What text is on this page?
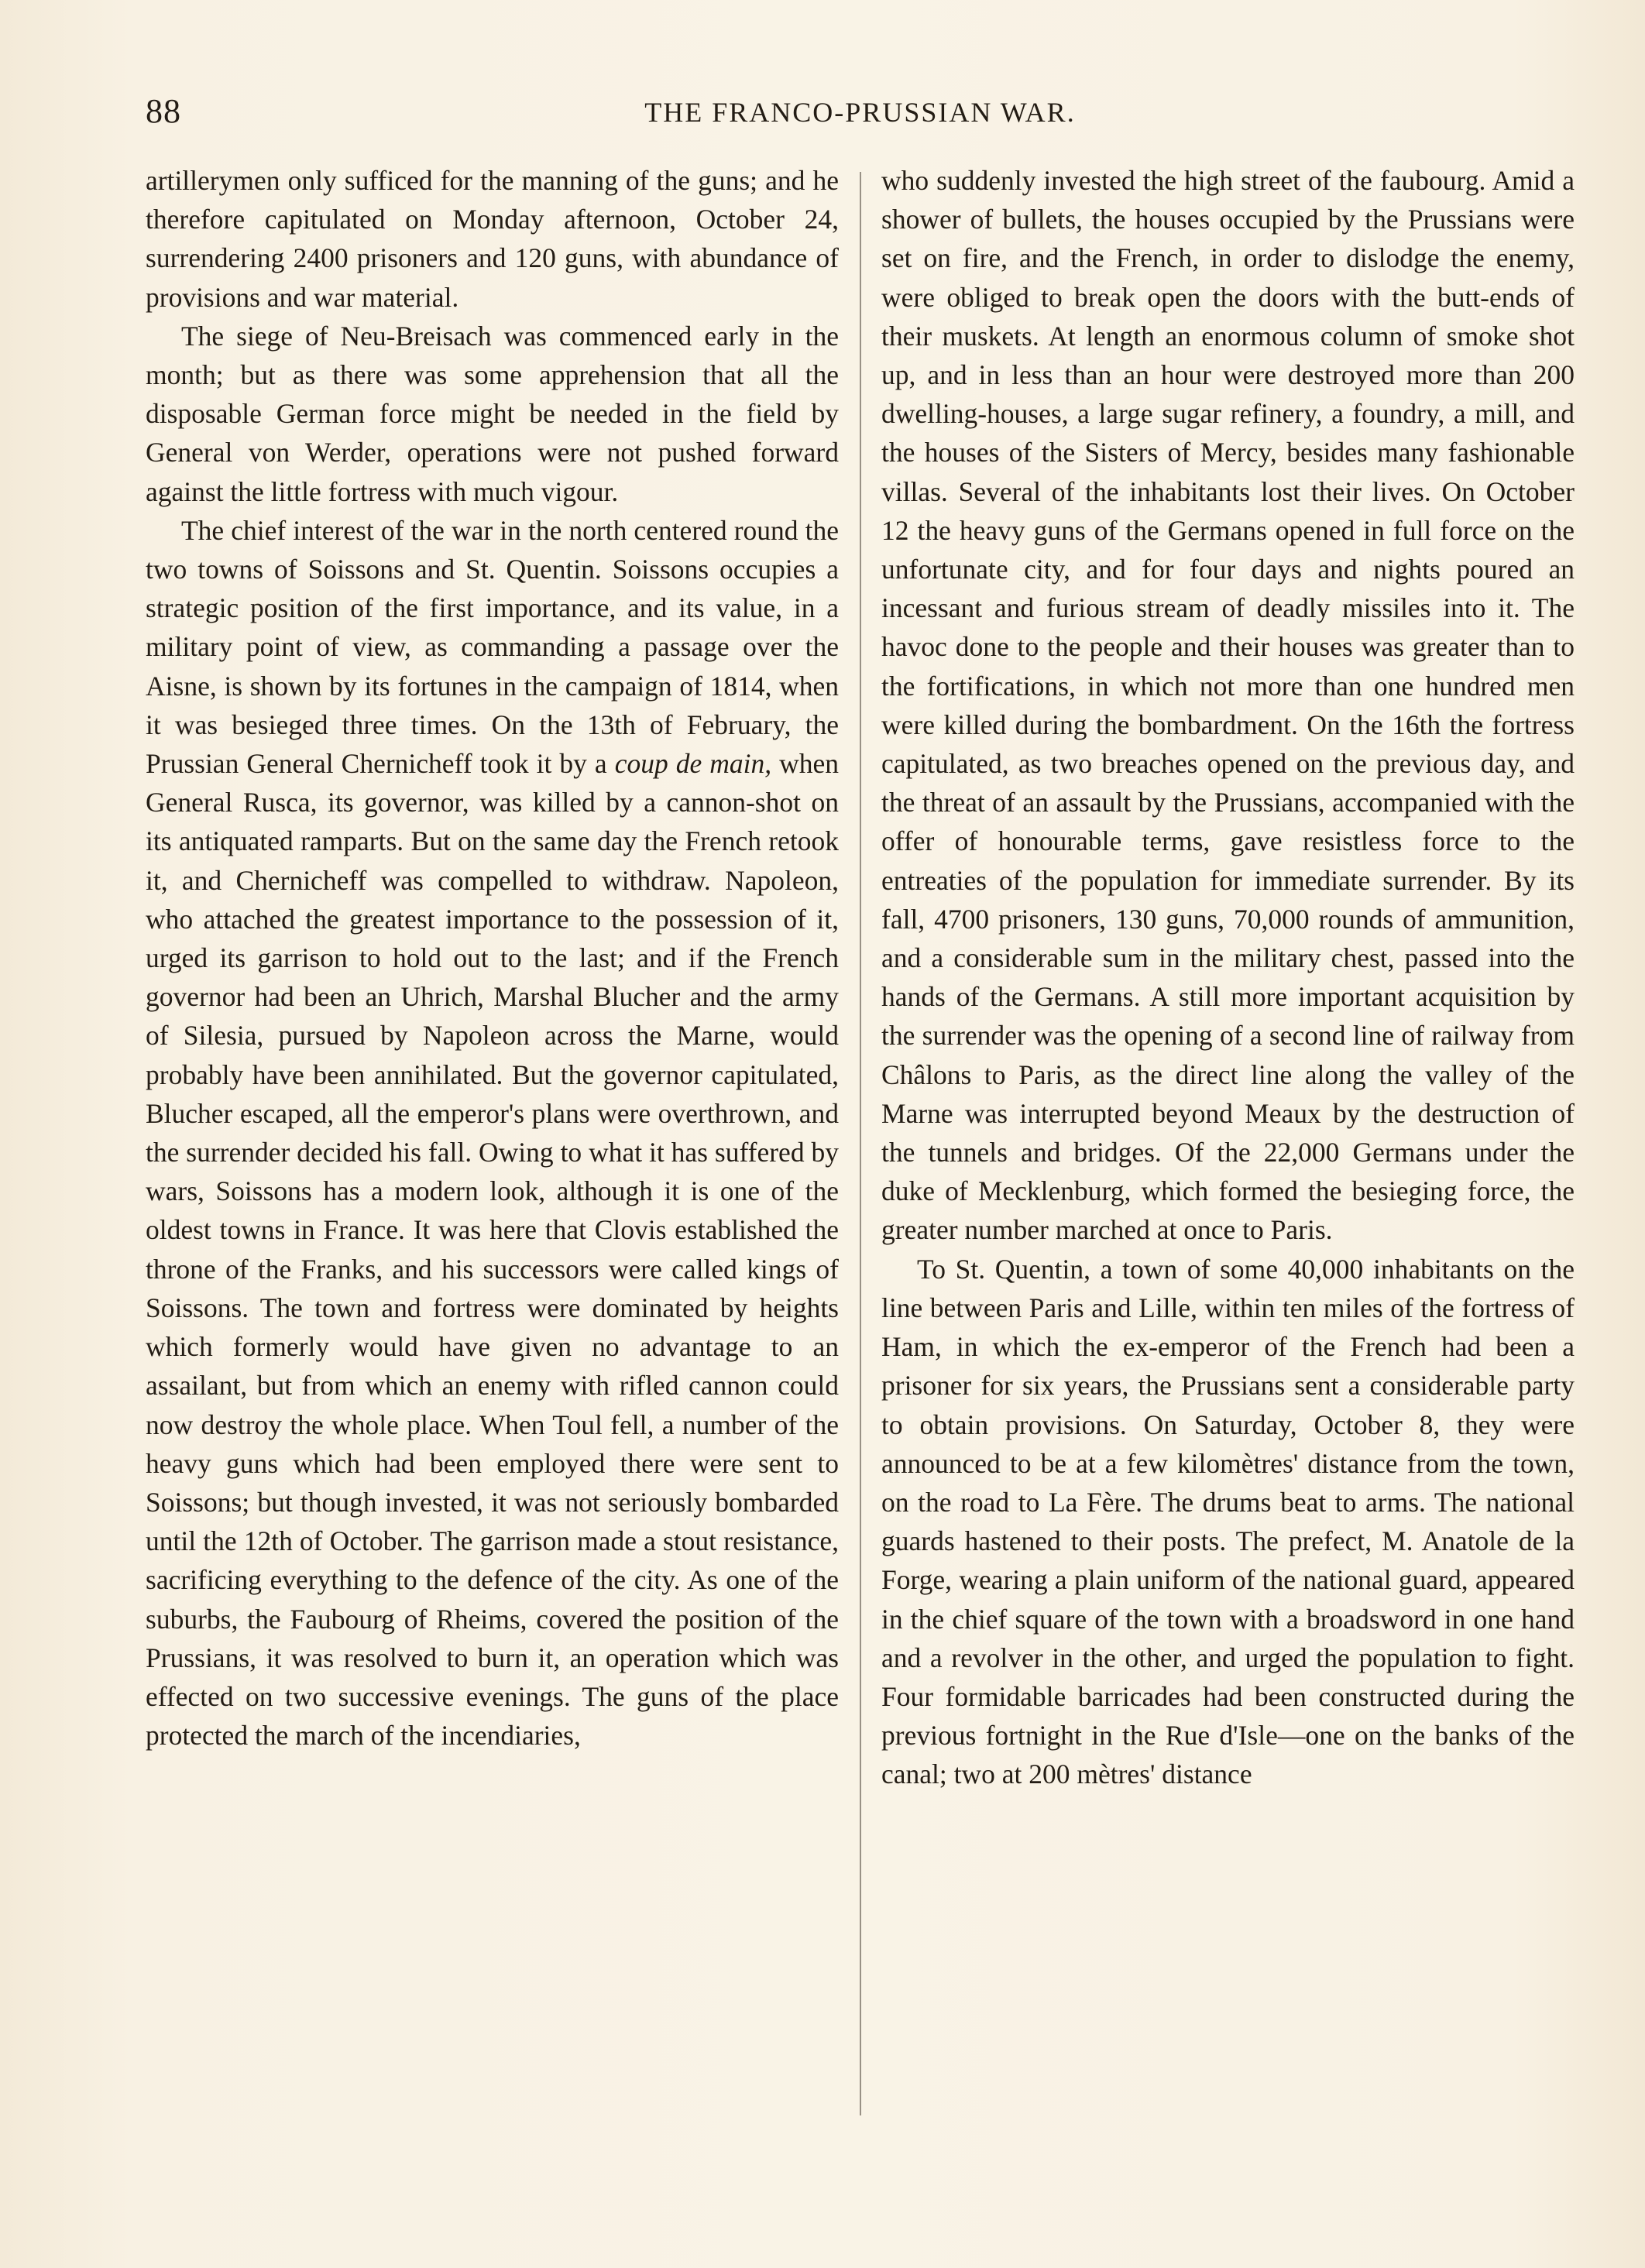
88	THE FRANCO-PRUSSIAN WAR.

artillerymen only sufficed for the manning of the guns; and he therefore capitulated on Monday afternoon, October 24, surrendering 2400 prisoners and 120 guns, with abundance of provisions and war material.

The siege of Neu-Breisach was commenced early in the month; but as there was some apprehension that all the disposable German force might be needed in the field by General von Werder, operations were not pushed forward against the little fortress with much vigour.

The chief interest of the war in the north centered round the two towns of Soissons and St. Quentin. Soissons occupies a strategic position of the first importance, and its value, in a military point of view, as commanding a passage over the Aisne, is shown by its fortunes in the campaign of 1814, when it was besieged three times. On the 13th of February, the Prussian General Chernicheff took it by a coup de main, when General Rusca, its governor, was killed by a cannon-shot on its antiquated ramparts. But on the same day the French retook it, and Chernicheff was compelled to withdraw. Napoleon, who attached the greatest importance to the possession of it, urged its garrison to hold out to the last; and if the French governor had been an Uhrich, Marshal Blucher and the army of Silesia, pursued by Napoleon across the Marne, would probably have been annihilated. But the governor capitulated, Blucher escaped, all the emperor's plans were overthrown, and the surrender decided his fall. Owing to what it has suffered by wars, Soissons has a modern look, although it is one of the oldest towns in France. It was here that Clovis established the throne of the Franks, and his successors were called kings of Soissons. The town and fortress were dominated by heights which formerly would have given no advantage to an assailant, but from which an enemy with rifled cannon could now destroy the whole place. When Toul fell, a number of the heavy guns which had been employed there were sent to Soissons; but though invested, it was not seriously bombarded until the 12th of October. The garrison made a stout resistance, sacrificing everything to the defence of the city. As one of the suburbs, the Faubourg of Rheims, covered the position of the Prussians, it was resolved to burn it, an operation which was effected on two successive evenings. The guns of the place protected the march of the incendiaries,

who suddenly invested the high street of the faubourg. Amid a shower of bullets, the houses occupied by the Prussians were set on fire, and the French, in order to dislodge the enemy, were obliged to break open the doors with the butt-ends of their muskets. At length an enormous column of smoke shot up, and in less than an hour were destroyed more than 200 dwelling-houses, a large sugar refinery, a foundry, a mill, and the houses of the Sisters of Mercy, besides many fashionable villas. Several of the inhabitants lost their lives. On October 12 the heavy guns of the Germans opened in full force on the unfortunate city, and for four days and nights poured an incessant and furious stream of deadly missiles into it. The havoc done to the people and their houses was greater than to the fortifications, in which not more than one hundred men were killed during the bombardment. On the 16th the fortress capitulated, as two breaches opened on the previous day, and the threat of an assault by the Prussians, accompanied with the offer of honourable terms, gave resistless force to the entreaties of the population for immediate surrender. By its fall, 4700 prisoners, 130 guns, 70,000 rounds of ammunition, and a considerable sum in the military chest, passed into the hands of the Germans. A still more important acquisition by the surrender was the opening of a second line of railway from Châlons to Paris, as the direct line along the valley of the Marne was interrupted beyond Meaux by the destruction of the tunnels and bridges. Of the 22,000 Germans under the duke of Mecklenburg, which formed the besieging force, the greater number marched at once to Paris.

To St. Quentin, a town of some 40,000 inhabitants on the line between Paris and Lille, within ten miles of the fortress of Ham, in which the ex-emperor of the French had been a prisoner for six years, the Prussians sent a considerable party to obtain provisions. On Saturday, October 8, they were announced to be at a few kilomètres' distance from the town, on the road to La Fère. The drums beat to arms. The national guards hastened to their posts. The prefect, M. Anatole de la Forge, wearing a plain uniform of the national guard, appeared in the chief square of the town with a broadsword in one hand and a revolver in the other, and urged the population to fight. Four formidable barricades had been constructed during the previous fortnight in the Rue d'Isle—one on the banks of the canal; two at 200 mètres' distance
